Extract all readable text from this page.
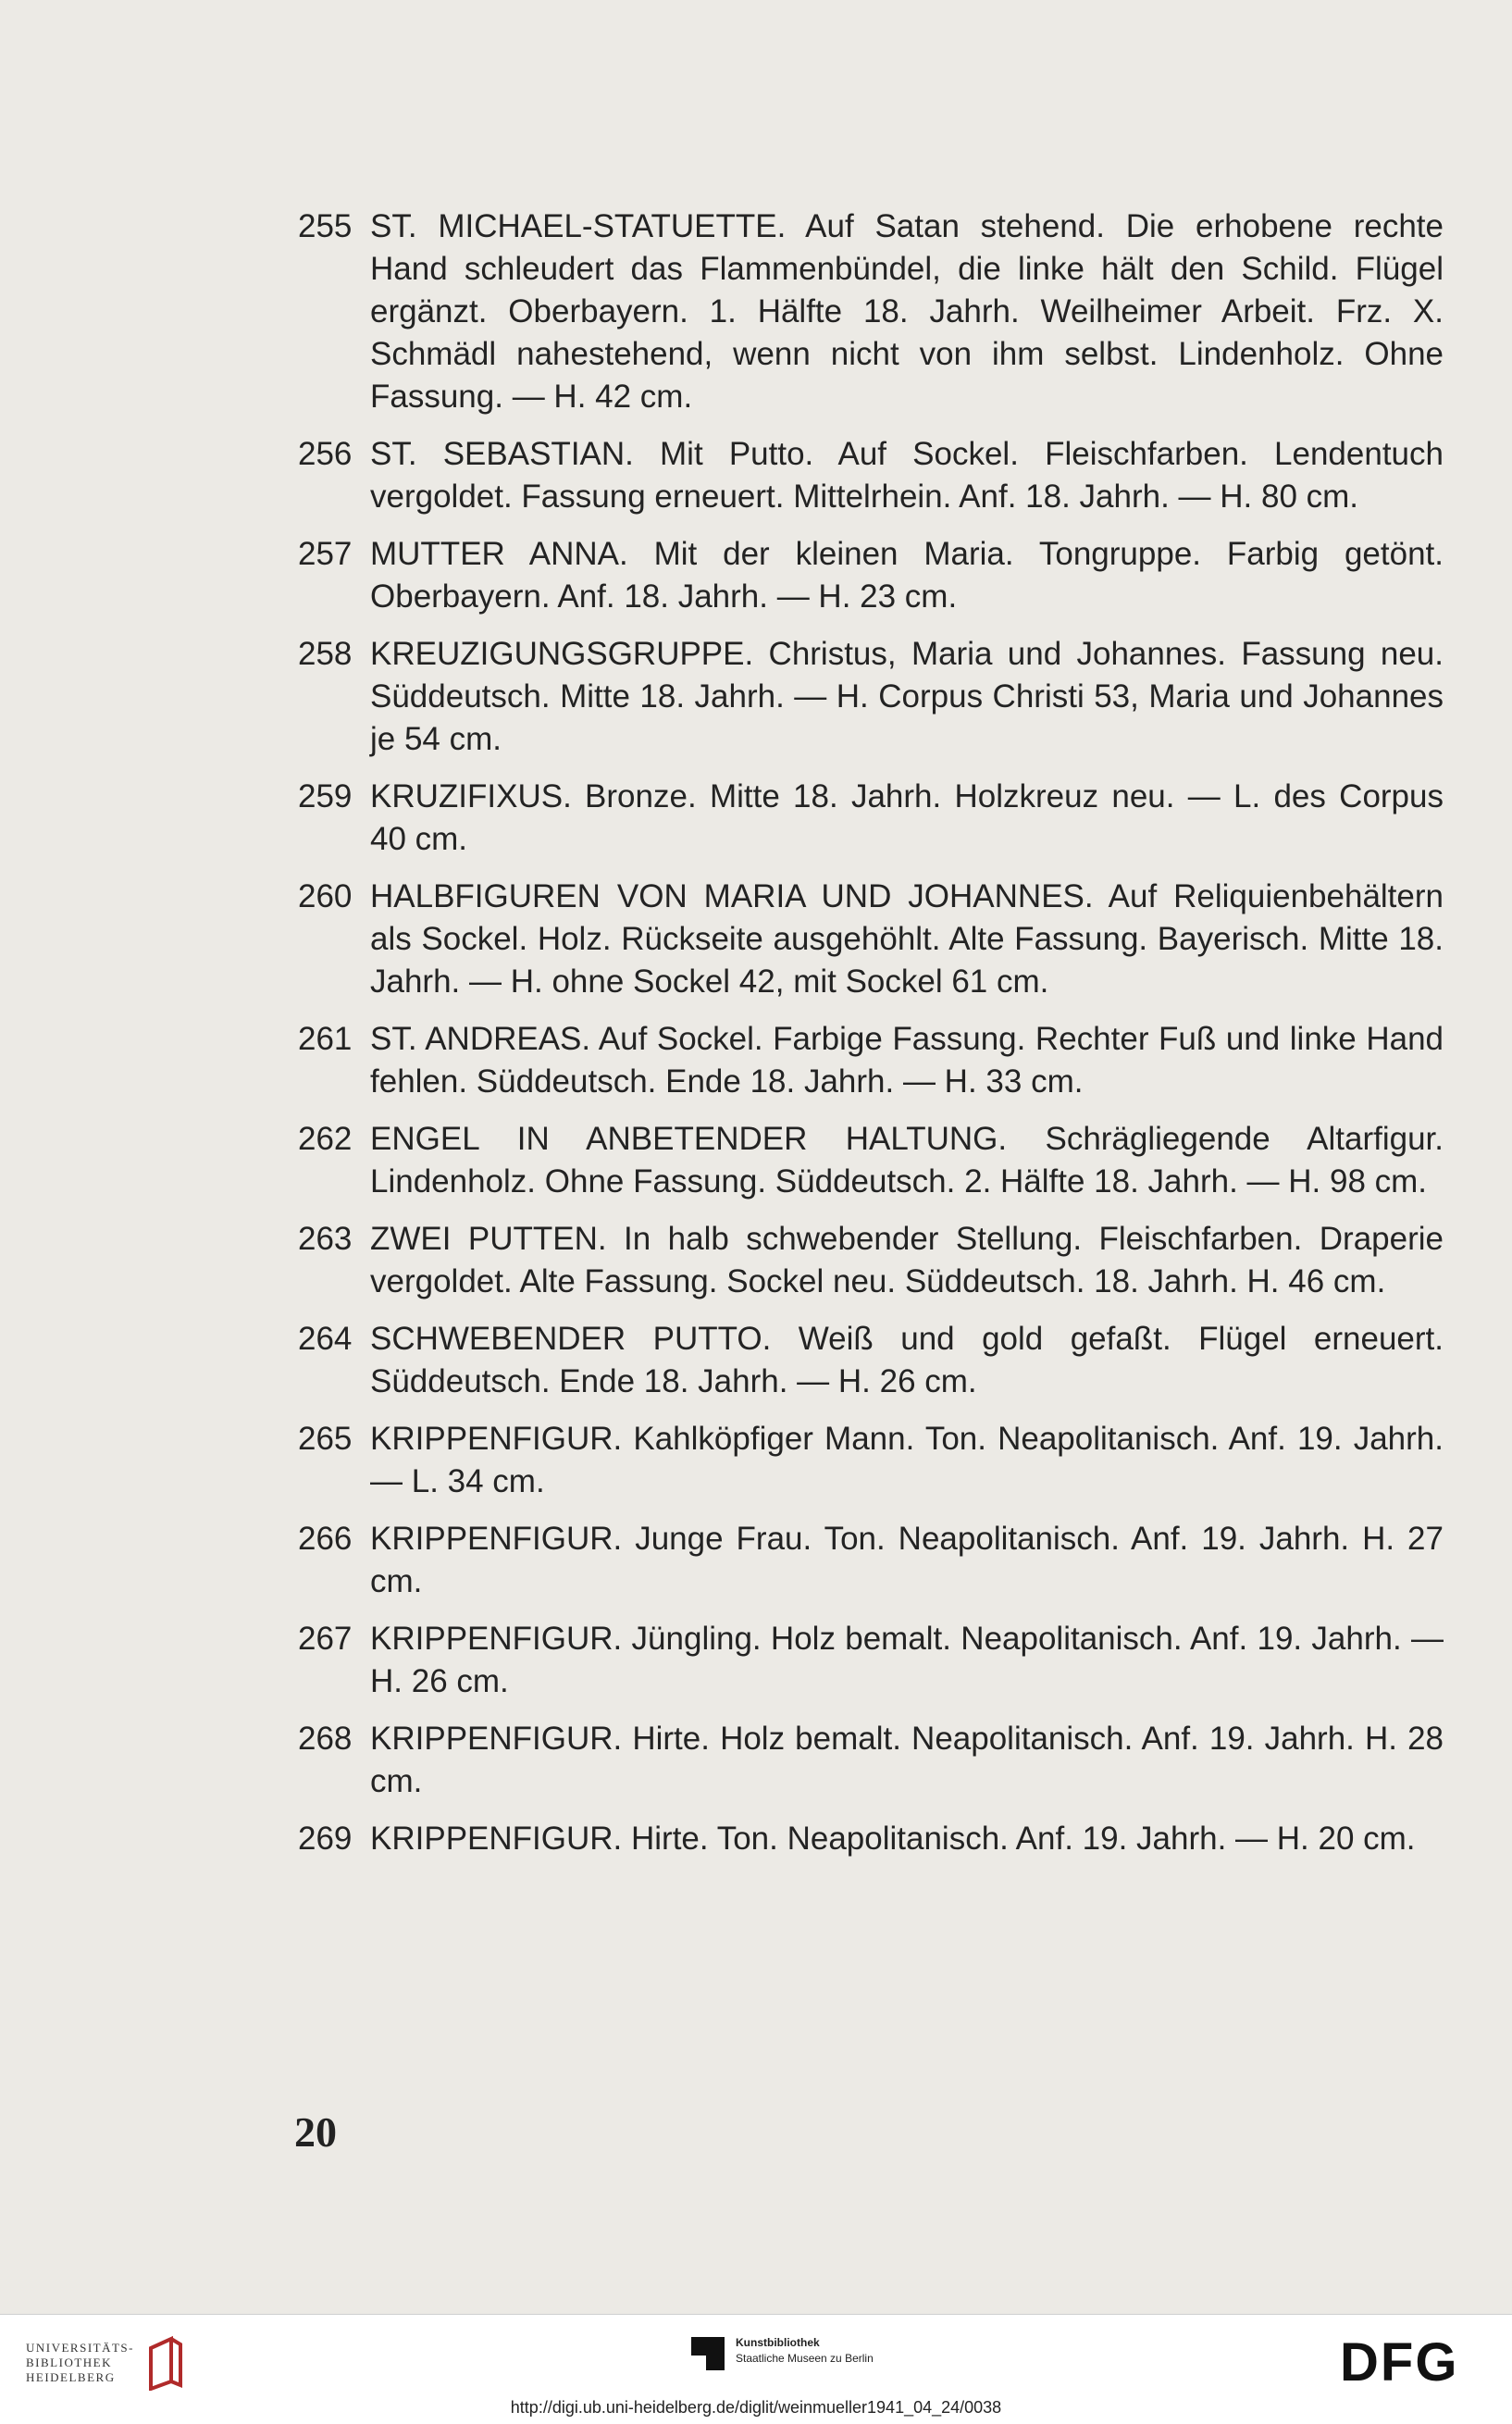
255 ST. MICHAEL-STATUETTE. Auf Satan stehend. Die erhobene rechte Hand schleudert das Flammenbündel, die linke hält den Schild. Flügel ergänzt. Oberbayern. 1. Hälfte 18. Jahrh. Weilheimer Arbeit. Frz. X. Schmädl nahestehend, wenn nicht von ihm selbst. Lindenholz. Ohne Fassung. — H. 42 cm.
256 ST. SEBASTIAN. Mit Putto. Auf Sockel. Fleischfarben. Lendentuch vergoldet. Fassung erneuert. Mittelrhein. Anf. 18. Jahrh. — H. 80 cm.
257 MUTTER ANNA. Mit der kleinen Maria. Tongruppe. Farbig getönt. Oberbayern. Anf. 18. Jahrh. — H. 23 cm.
258 KREUZIGUNGSGRUPPE. Christus, Maria und Johannes. Fassung neu. Süddeutsch. Mitte 18. Jahrh. — H. Corpus Christi 53, Maria und Johannes je 54 cm.
259 KRUZIFIXUS. Bronze. Mitte 18. Jahrh. Holzkreuz neu. — L. des Corpus 40 cm.
260 HALBFIGUREN VON MARIA UND JOHANNES. Auf Reliquienbehältern als Sockel. Holz. Rückseite ausgehöhlt. Alte Fassung. Bayerisch. Mitte 18. Jahrh. — H. ohne Sockel 42, mit Sockel 61 cm.
261 ST. ANDREAS. Auf Sockel. Farbige Fassung. Rechter Fuß und linke Hand fehlen. Süddeutsch. Ende 18. Jahrh. — H. 33 cm.
262 ENGEL IN ANBETENDER HALTUNG. Schrägliegende Altarfigur. Lindenholz. Ohne Fassung. Süddeutsch. 2. Hälfte 18. Jahrh. — H. 98 cm.
263 ZWEI PUTTEN. In halb schwebender Stellung. Fleischfarben. Draperie vergoldet. Alte Fassung. Sockel neu. Süddeutsch. 18. Jahrh. H. 46 cm.
264 SCHWEBENDER PUTTO. Weiß und gold gefaßt. Flügel erneuert. Süddeutsch. Ende 18. Jahrh. — H. 26 cm.
265 KRIPPENFIGUR. Kahlköpfiger Mann. Ton. Neapolitanisch. Anf. 19. Jahrh. — L. 34 cm.
266 KRIPPENFIGUR. Junge Frau. Ton. Neapolitanisch. Anf. 19. Jahrh. H. 27 cm.
267 KRIPPENFIGUR. Jüngling. Holz bemalt. Neapolitanisch. Anf. 19. Jahrh. — H. 26 cm.
268 KRIPPENFIGUR. Hirte. Holz bemalt. Neapolitanisch. Anf. 19. Jahrh. H. 28 cm.
269 KRIPPENFIGUR. Hirte. Ton. Neapolitanisch. Anf. 19. Jahrh. — H. 20 cm.
20
UNIVERSITÄTS-
BIBLIOTHEK
HEIDELBERG
Kunstbibliothek
Staatliche Museen zu Berlin	DFG
http://digi.ub.uni-heidelberg.de/diglit/weinmueller1941_04_24/0038
